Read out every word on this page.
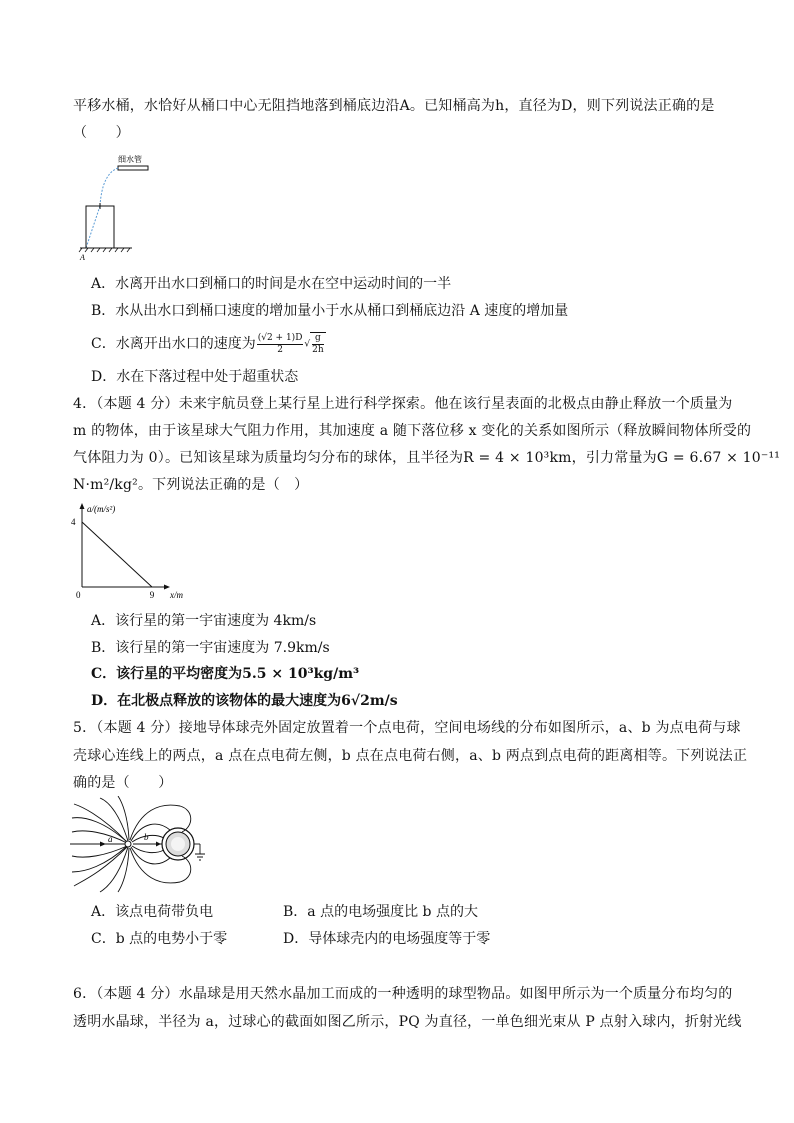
平移水桶，水恰好从桶口中心无阻挡地落到桶底边沿A。已知桶高为h，直径为D，则下列说法正确的是
（　　）
细水管
A
A．水离开出水口到桶口的时间是水在空中运动时间的一半
B．水从出水口到桶口速度的增加量小于水从桶口到桶底边沿 A 速度的增加量
C．水离开出水口的速度为 $\frac{(√2 + 1)D}{2}$ √ $\frac{g}{2h}$
D．水在下落过程中处于超重状态
4．（本题 4 分）未来宇航员登上某行星上进行科学探索。他在该行星表面的北极点由静止释放一个质量为
m 的物体，由于该星球大气阻力作用，其加速度 a 随下落位移 x 变化的关系如图所示（释放瞬间物体所受的
气体阻力为 0）。已知该星球为质量均匀分布的球体，且半径为R = 4 × 10³km，引力常量为G = 6.67 × 10⁻¹¹
N·m²/kg²。下列说法正确的是（　）
a/(m/s²)
x/m
0	9
4
A．该行星的第一宇宙速度为 4km/s
B．该行星的第一宇宙速度为 7.9km/s
C．该行星的平均密度为5.5 × 10³kg/m³
D．在北极点释放的该物体的最大速度为6√2m/s
5．（本题 4 分）接地导体球壳外固定放置着一个点电荷，空间电场线的分布如图所示，a、b 为点电荷与球
壳球心连线上的两点，a 点在点电荷左侧，b 点在点电荷右侧，a、b 两点到点电荷的距离相等。下列说法正
确的是（　　）
a	b
A．该点电荷带负电	B．a 点的电场强度比 b 点的大
C．b 点的电势小于零	D．导体球壳内的电场强度等于零
6．（本题 4 分）水晶球是用天然水晶加工而成的一种透明的球型物品。如图甲所示为一个质量分布均匀的
透明水晶球，半径为 a，过球心的截面如图乙所示，PQ 为直径，一单色细光束从 P 点射入球内，折射光线
